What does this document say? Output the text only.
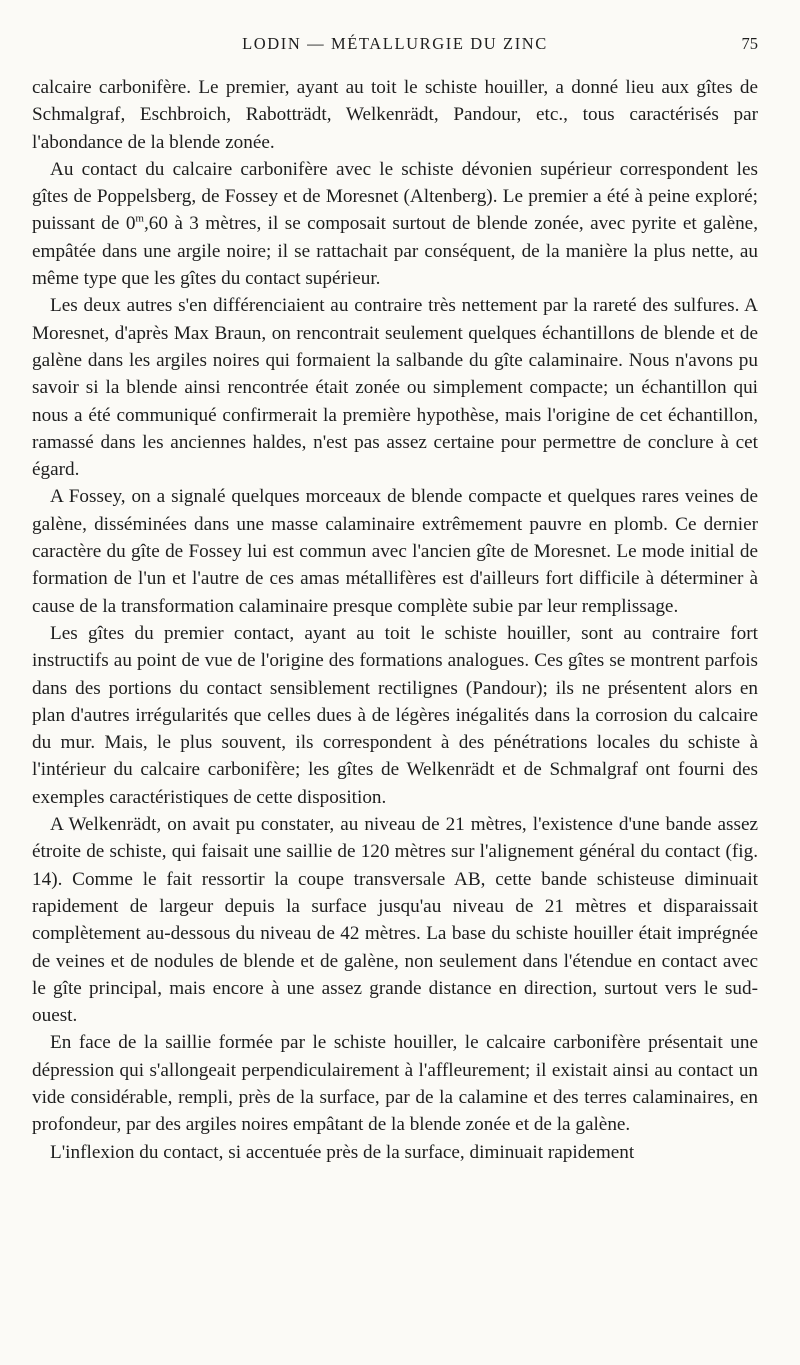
LODIN — MÉTALLURGIE DU ZINC	75

calcaire carbonifère. Le premier, ayant au toit le schiste houiller, a donné lieu aux gîtes de Schmalgraf, Eschbroich, Rabotträdt, Welkenrädt, Pandour, etc., tous caractérisés par l'abondance de la blende zonée.

Au contact du calcaire carbonifère avec le schiste dévonien supérieur correspondent les gîtes de Poppelsberg, de Fossey et de Moresnet (Altenberg). Le premier a été à peine exploré; puissant de 0$^m$,60 à 3 mètres, il se composait surtout de blende zonée, avec pyrite et galène, empâtée dans une argile noire; il se rattachait par conséquent, de la manière la plus nette, au même type que les gîtes du contact supérieur.

Les deux autres s'en différenciaient au contraire très nettement par la rareté des sulfures. A Moresnet, d'après Max Braun, on rencontrait seulement quelques échantillons de blende et de galène dans les argiles noires qui formaient la salbande du gîte calaminaire. Nous n'avons pu savoir si la blende ainsi rencontrée était zonée ou simplement compacte; un échantillon qui nous a été communiqué confirmerait la première hypothèse, mais l'origine de cet échantillon, ramassé dans les anciennes haldes, n'est pas assez certaine pour permettre de conclure à cet égard.

A Fossey, on a signalé quelques morceaux de blende compacte et quelques rares veines de galène, disséminées dans une masse calaminaire extrêmement pauvre en plomb. Ce dernier caractère du gîte de Fossey lui est commun avec l'ancien gîte de Moresnet. Le mode initial de formation de l'un et l'autre de ces amas métallifères est d'ailleurs fort difficile à déterminer à cause de la transformation calaminaire presque complète subie par leur remplissage.

Les gîtes du premier contact, ayant au toit le schiste houiller, sont au contraire fort instructifs au point de vue de l'origine des formations analogues. Ces gîtes se montrent parfois dans des portions du contact sensiblement rectilignes (Pandour); ils ne présentent alors en plan d'autres irrégularités que celles dues à de légères inégalités dans la corrosion du calcaire du mur. Mais, le plus souvent, ils correspondent à des pénétrations locales du schiste à l'intérieur du calcaire carbonifère; les gîtes de Welkenrädt et de Schmalgraf ont fourni des exemples caractéristiques de cette disposition.

A Welkenrädt, on avait pu constater, au niveau de 21 mètres, l'existence d'une bande assez étroite de schiste, qui faisait une saillie de 120 mètres sur l'alignement général du contact (fig. 14). Comme le fait ressortir la coupe transversale AB, cette bande schisteuse diminuait rapidement de largeur depuis la surface jusqu'au niveau de 21 mètres et disparaissait complètement au-dessous du niveau de 42 mètres. La base du schiste houiller était imprégnée de veines et de nodules de blende et de galène, non seulement dans l'étendue en contact avec le gîte principal, mais encore à une assez grande distance en direction, surtout vers le sud-ouest.

En face de la saillie formée par le schiste houiller, le calcaire carbonifère présentait une dépression qui s'allongeait perpendiculairement à l'affleurement; il existait ainsi au contact un vide considérable, rempli, près de la surface, par de la calamine et des terres calaminaires, en profondeur, par des argiles noires empâtant de la blende zonée et de la galène.

L'inflexion du contact, si accentuée près de la surface, diminuait rapidement
